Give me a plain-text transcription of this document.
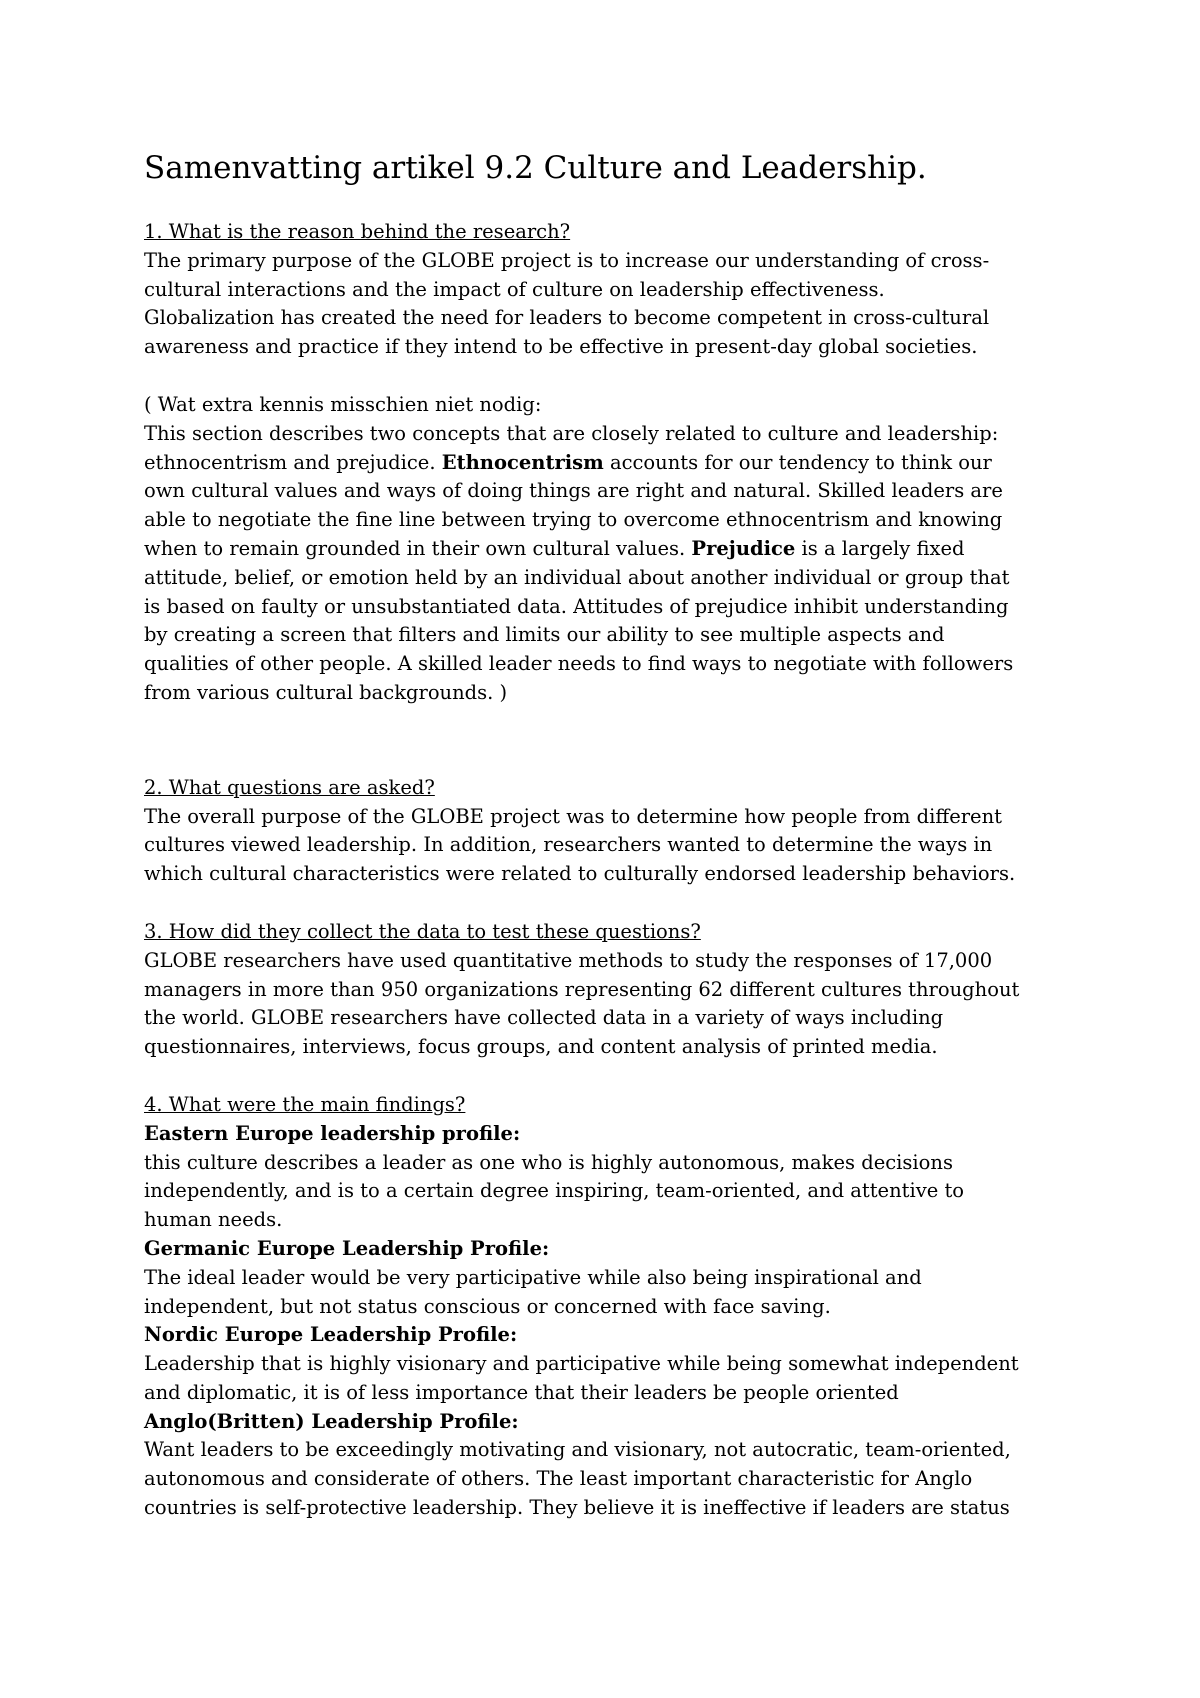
Samenvatting artikel 9.2 Culture and Leadership.
1. What is the reason behind the research?
The primary purpose of the GLOBE project is to increase our understanding of cross-
cultural interactions and the impact of culture on leadership effectiveness.
Globalization has created the need for leaders to become competent in cross-cultural
awareness and practice if they intend to be effective in present-day global societies.
( Wat extra kennis misschien niet nodig:
This section describes two concepts that are closely related to culture and leadership:
ethnocentrism and prejudice. Ethnocentrism accounts for our tendency to think our
own cultural values and ways of doing things are right and natural. Skilled leaders are
able to negotiate the fine line between trying to overcome ethnocentrism and knowing
when to remain grounded in their own cultural values. Prejudice is a largely fixed
attitude, belief, or emotion held by an individual about another individual or group that
is based on faulty or unsubstantiated data. Attitudes of prejudice inhibit understanding
by creating a screen that filters and limits our ability to see multiple aspects and
qualities of other people. A skilled leader needs to find ways to negotiate with followers
from various cultural backgrounds. )
2. What questions are asked?
The overall purpose of the GLOBE project was to determine how people from different
cultures viewed leadership. In addition, researchers wanted to determine the ways in
which cultural characteristics were related to culturally endorsed leadership behaviors.
3. How did they collect the data to test these questions?
GLOBE researchers have used quantitative methods to study the responses of 17,000
managers in more than 950 organizations representing 62 different cultures throughout
the world. GLOBE researchers have collected data in a variety of ways including
questionnaires, interviews, focus groups, and content analysis of printed media.
4. What were the main findings?
Eastern Europe leadership profile:
this culture describes a leader as one who is highly autonomous, makes decisions
independently, and is to a certain degree inspiring, team-oriented, and attentive to
human needs.
Germanic Europe Leadership Profile:
The ideal leader would be very participative while also being inspirational and
independent, but not status conscious or concerned with face saving.
Nordic Europe Leadership Profile:
Leadership that is highly visionary and participative while being somewhat independent
and diplomatic, it is of less importance that their leaders be people oriented
Anglo(Britten) Leadership Profile:
Want leaders to be exceedingly motivating and visionary, not autocratic, team-oriented,
autonomous and considerate of others. The least important characteristic for Anglo
countries is self-protective leadership. They believe it is ineffective if leaders are status
